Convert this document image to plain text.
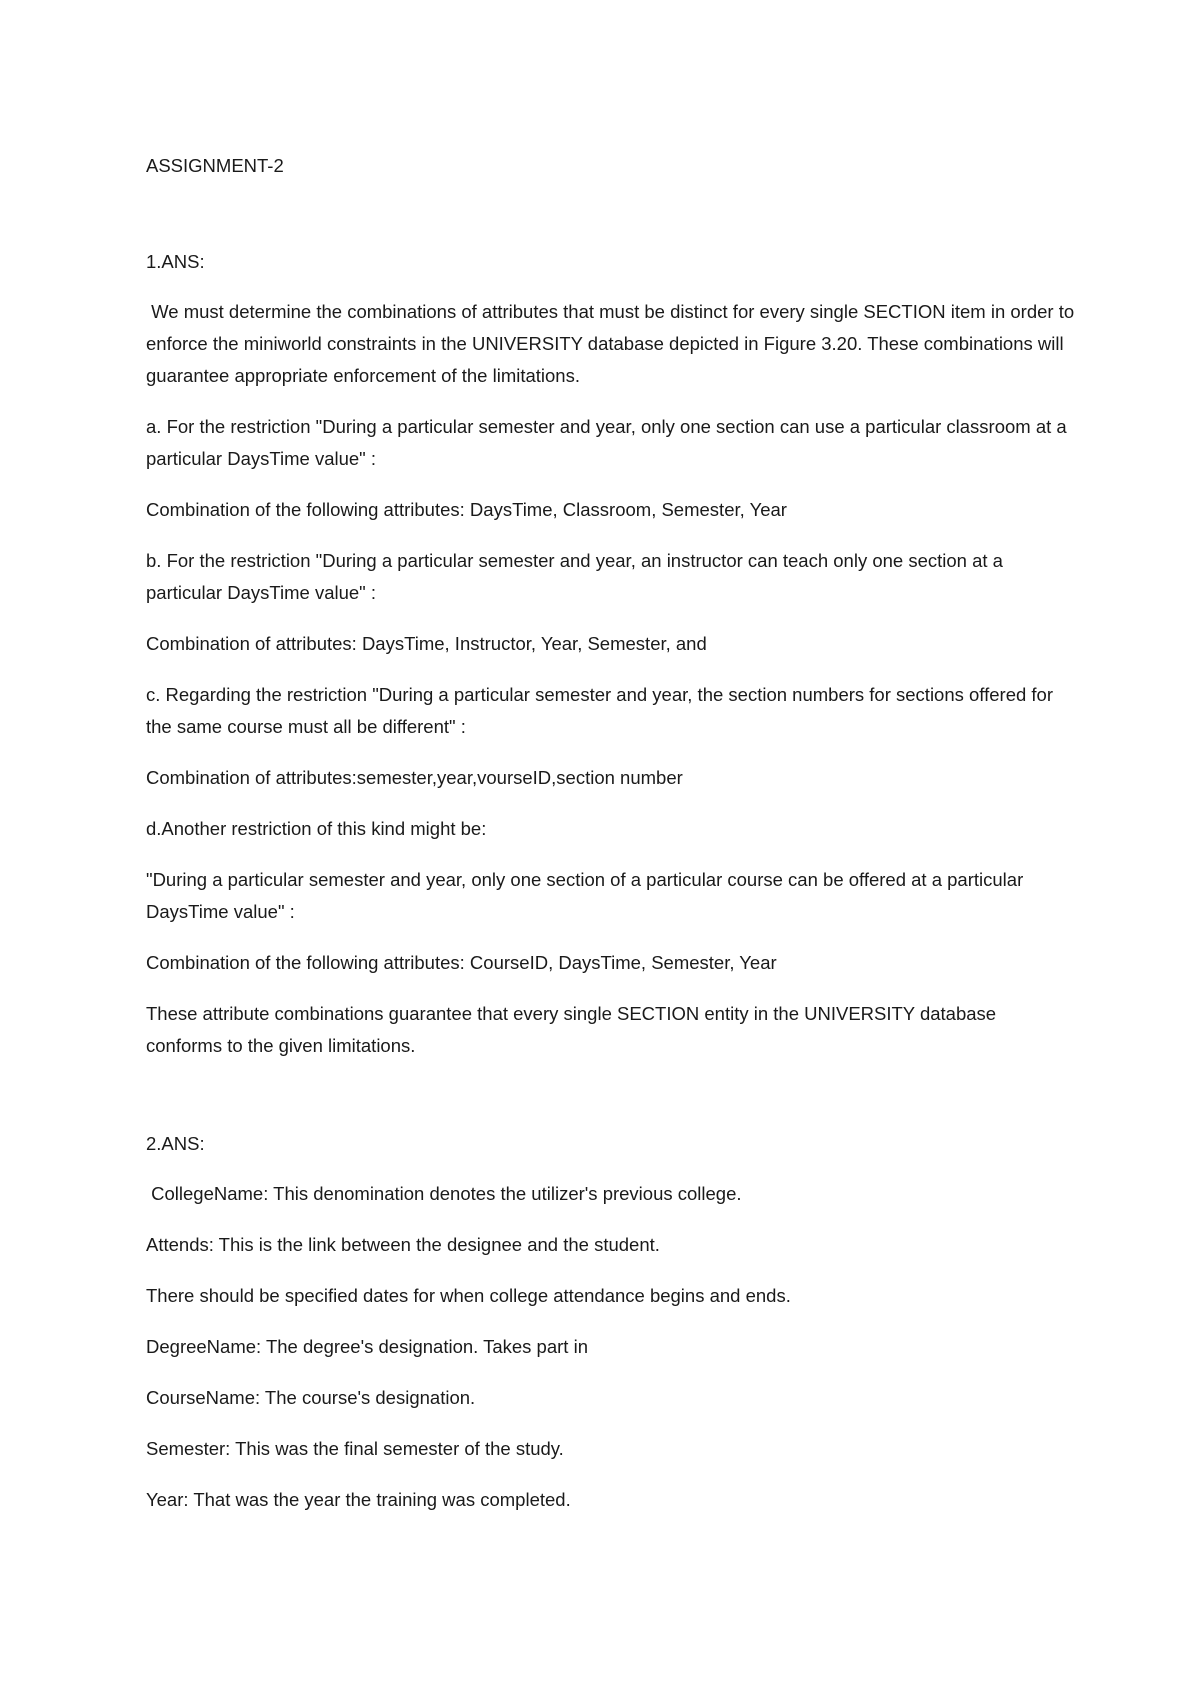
ASSIGNMENT-2

1.ANS:

We must determine the combinations of attributes that must be distinct for every single SECTION item in order to enforce the miniworld constraints in the UNIVERSITY database depicted in Figure 3.20. These combinations will guarantee appropriate enforcement of the limitations.

a. For the restriction "During a particular semester and year, only one section can use a particular classroom at a particular DaysTime value" :

Combination of the following attributes: DaysTime, Classroom, Semester, Year

b. For the restriction "During a particular semester and year, an instructor can teach only one section at a particular DaysTime value" :

Combination of attributes: DaysTime, Instructor, Year, Semester, and

c. Regarding the restriction "During a particular semester and year, the section numbers for sections offered for the same course must all be different" :

Combination of attributes:semester,year,vourseID,section number

d.Another restriction of this kind might be:

"During a particular semester and year, only one section of a particular course can be offered at a particular DaysTime value" :

Combination of the following attributes: CourseID, DaysTime, Semester, Year

These attribute combinations guarantee that every single SECTION entity in the UNIVERSITY database conforms to the given limitations.

2.ANS:

CollegeName: This denomination denotes the utilizer's previous college.

Attends: This is the link between the designee and the student.

There should be specified dates for when college attendance begins and ends.

DegreeName: The degree's designation. Takes part in

CourseName: The course's designation.

Semester: This was the final semester of the study.

Year: That was the year the training was completed.
